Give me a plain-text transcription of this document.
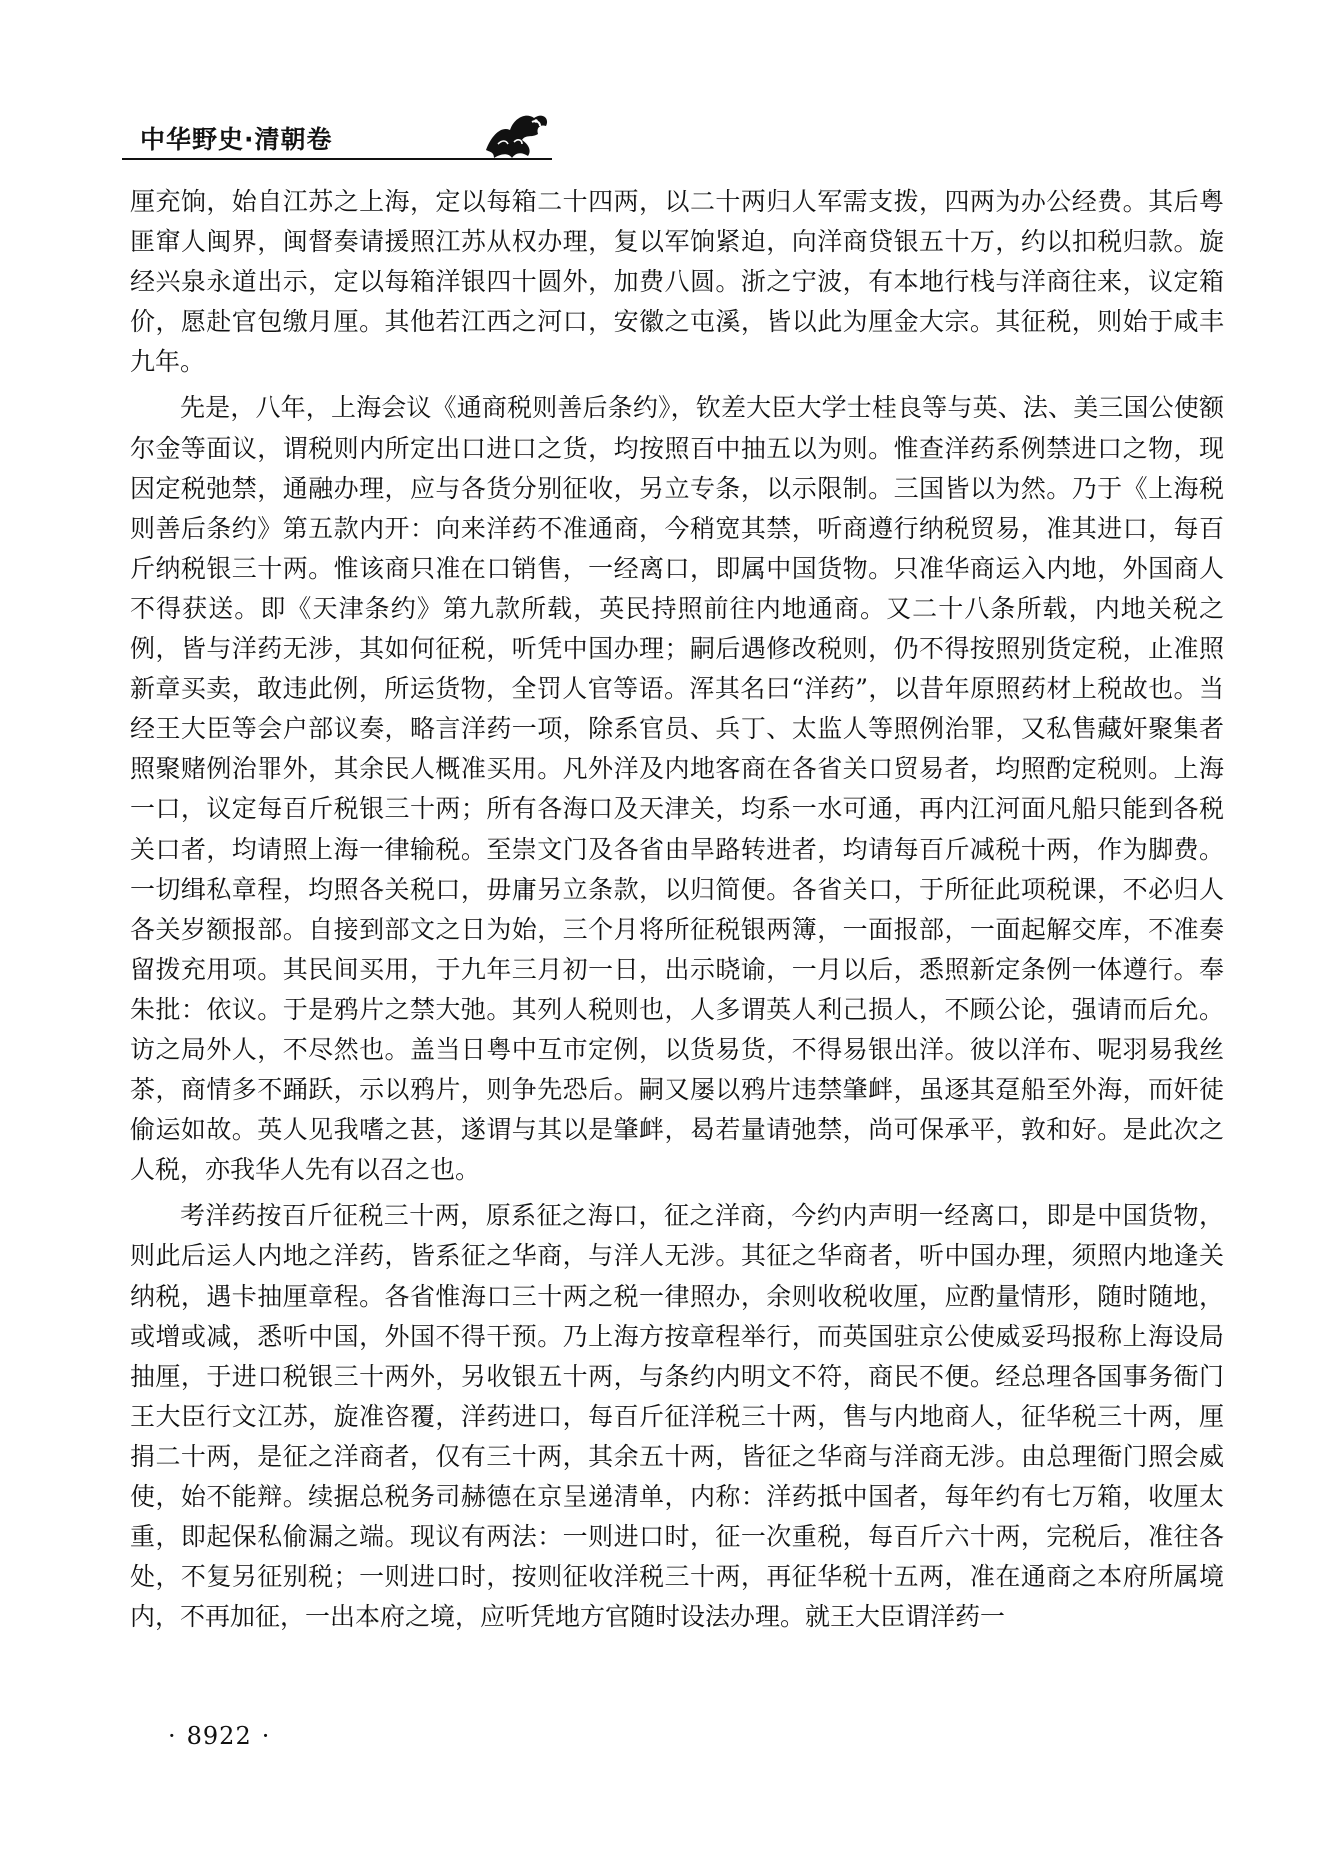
中华野史·清朝卷

厘充饷，始自江苏之上海，定以每箱二十四两，以二十两归人军需支拨，四两为办公经费。其后粤匪窜人闽界，闽督奏请援照江苏从权办理，复以军饷紧迫，向洋商贷银五十万，约以扣税归款。旋经兴泉永道出示，定以每箱洋银四十圆外，加费八圆。浙之宁波，有本地行栈与洋商往来，议定箱价，愿赴官包缴月厘。其他若江西之河口，安徽之屯溪，皆以此为厘金大宗。其征税，则始于咸丰九年。

先是，八年，上海会议《通商税则善后条约》，钦差大臣大学士桂良等与英、法、美三国公使额尔金等面议，谓税则内所定出口进口之货，均按照百中抽五以为则。惟查洋药系例禁进口之物，现因定税弛禁，通融办理，应与各货分别征收，另立专条，以示限制。三国皆以为然。乃于《上海税则善后条约》第五款内开：向来洋药不准通商，今稍宽其禁，听商遵行纳税贸易，准其进口，每百斤纳税银三十两。惟该商只准在口销售，一经离口，即属中国货物。只准华商运入内地，外国商人不得获送。即《天津条约》第九款所载，英民持照前往内地通商。又二十八条所载，内地关税之例，皆与洋药无涉，其如何征税，听凭中国办理；嗣后遇修改税则，仍不得按照别货定税，止准照新章买卖，敢违此例，所运货物，全罚人官等语。浑其名曰“洋药”，以昔年原照药材上税故也。当经王大臣等会户部议奏，略言洋药一项，除系官员、兵丁、太监人等照例治罪，又私售藏奸聚集者照聚赌例治罪外，其余民人概准买用。凡外洋及内地客商在各省关口贸易者，均照酌定税则。上海一口，议定每百斤税银三十两；所有各海口及天津关，均系一水可通，再内江河面凡船只能到各税关口者，均请照上海一律输税。至崇文门及各省由旱路转进者，均请每百斤减税十两，作为脚费。一切缉私章程，均照各关税口，毋庸另立条款，以归简便。各省关口，于所征此项税课，不必归人各关岁额报部。自接到部文之日为始，三个月将所征税银两簿，一面报部，一面起解交库，不准奏留拨充用项。其民间买用，于九年三月初一日，出示晓谕，一月以后，悉照新定条例一体遵行。奉朱批：依议。于是鸦片之禁大弛。其列人税则也，人多谓英人利己损人，不顾公论，强请而后允。访之局外人，不尽然也。盖当日粤中互市定例，以货易货，不得易银出洋。彼以洋布、呢羽易我丝茶，商情多不踊跃，示以鸦片，则争先恐后。嗣又屡以鸦片违禁肇衅，虽逐其趸船至外海，而奸徒偷运如故。英人见我嗜之甚，遂谓与其以是肇衅，曷若量请弛禁，尚可保承平，敦和好。是此次之人税，亦我华人先有以召之也。

考洋药按百斤征税三十两，原系征之海口，征之洋商，今约内声明一经离口，即是中国货物，则此后运人内地之洋药，皆系征之华商，与洋人无涉。其征之华商者，听中国办理，须照内地逢关纳税，遇卡抽厘章程。各省惟海口三十两之税一律照办，余则收税收厘，应酌量情形，随时随地，或增或减，悉听中国，外国不得干预。乃上海方按章程举行，而英国驻京公使威妥玛报称上海设局抽厘，于进口税银三十两外，另收银五十两，与条约内明文不符，商民不便。经总理各国事务衙门王大臣行文江苏，旋准咨覆，洋药进口，每百斤征洋税三十两，售与内地商人，征华税三十两，厘捐二十两，是征之洋商者，仅有三十两，其余五十两，皆征之华商与洋商无涉。由总理衙门照会威使，始不能辩。续据总税务司赫德在京呈递清单，内称：洋药抵中国者，每年约有七万箱，收厘太重，即起保私偷漏之端。现议有两法：一则进口时，征一次重税，每百斤六十两，完税后，准往各处，不复另征别税；一则进口时，按则征收洋税三十两，再征华税十五两，准在通商之本府所属境内，不再加征，一出本府之境，应听凭地方官随时设法办理。就王大臣谓洋药一

· 8922 ·
